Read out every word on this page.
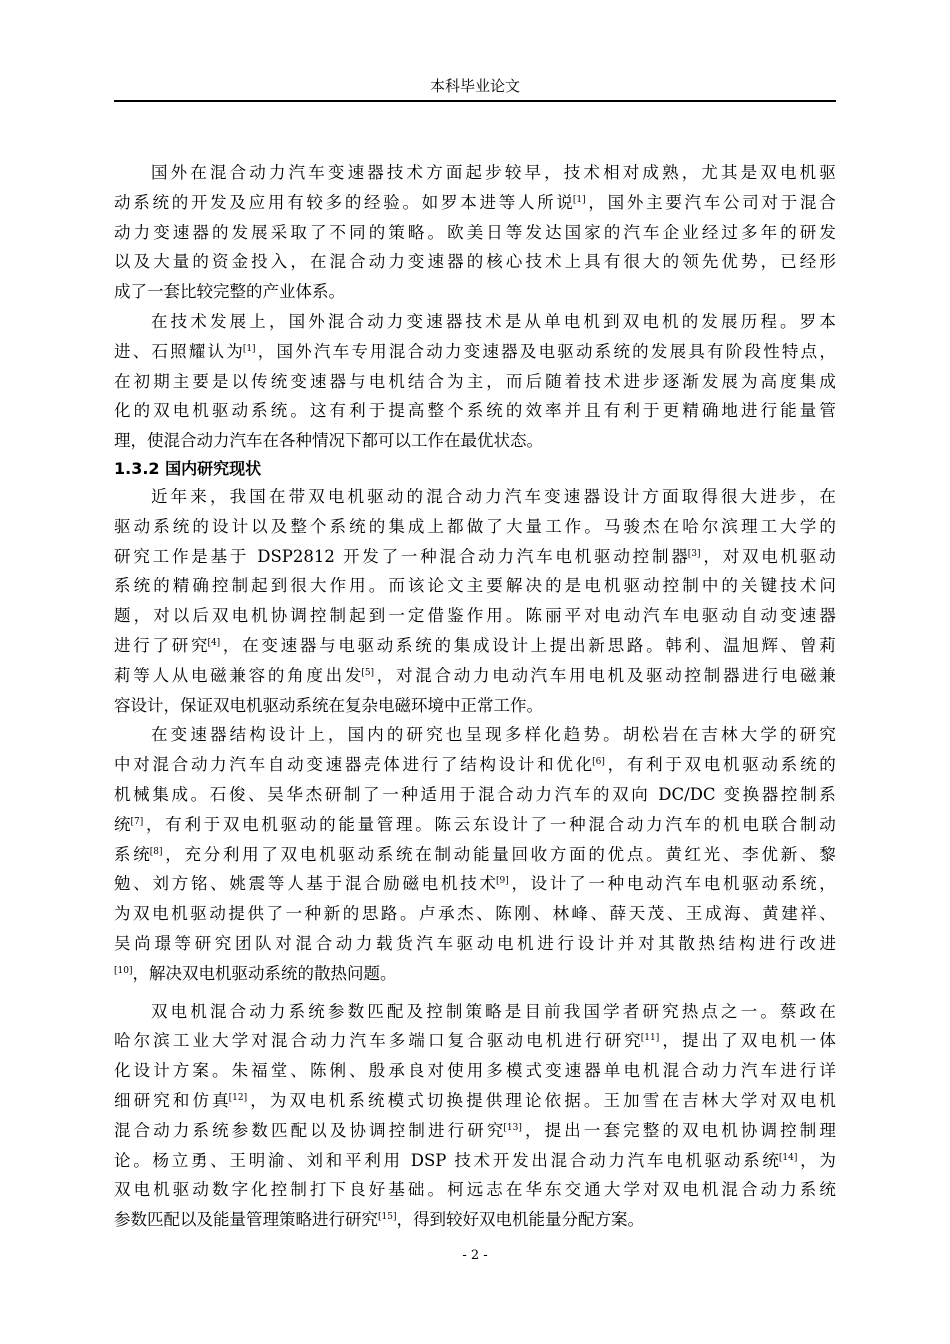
本科毕业论文
国 外 在 混 合 动 力 汽 车 变 速 器 技 术 方 面 起 步 较 早 ， 技 术 相 对 成 熟 ， 尤 其 是 双 电 机 驱
动 系 统 的 开 发 及 应 用 有 较 多 的 经 验 。 如 罗 本 进 等 人 所 说[1] ， 国 外 主 要 汽 车 公 司 对 于 混 合
动 力 变 速 器 的 发 展 采 取 了 不 同 的 策 略 。 欧 美 日 等 发 达 国 家 的 汽 车 企 业 经 过 多 年 的 研 发
以 及 大 量 的 资 金 投 入 ， 在 混 合 动 力 变 速 器 的 核 心 技 术 上 具 有 很 大 的 领 先 优 势 ， 已 经 形
成 了 一 套 比 较 完 整 的 产 业 体 系 。
在 技 术 发 展 上 ， 国 外 混 合 动 力 变 速 器 技 术 是 从 单 电 机 到 双 电 机 的 发 展 历 程 。 罗 本
进 、 石 照 耀 认 为[1] ， 国 外 汽 车 专 用 混 合 动 力 变 速 器 及 电 驱 动 系 统 的 发 展 具 有 阶 段 性 特 点 ，
在 初 期 主 要 是 以 传 统 变 速 器 与 电 机 结 合 为 主 ， 而 后 随 着 技 术 进 步 逐 渐 发 展 为 高 度 集 成
化 的 双 电 机 驱 动 系 统 。 这 有 利 于 提 高 整 个 系 统 的 效 率 并 且 有 利 于 更 精 确 地 进 行 能 量 管
理 ， 使 混 合 动 力 汽 车 在 各 种 情 况 下 都 可 以 工 作 在 最 优 状 态 。
1.3.2 国内研究现状
近 年 来 ， 我 国 在 带 双 电 机 驱 动 的 混 合 动 力 汽 车 变 速 器 设 计 方 面 取 得 很 大 进 步 ， 在
驱 动 系 统 的 设 计 以 及 整 个 系 统 的 集 成 上 都 做 了 大 量 工 作 。 马 骏 杰 在 哈 尔 滨 理 工 大 学 的
研 究 工 作 是 基 于
DSP2812 开 发 了 一 种 混 合 动 力 汽 车 电 机 驱 动 控 制 器[3] ， 对 双 电 机 驱 动
系 统 的 精 确 控 制 起 到 很 大 作 用 。 而 该 论 文 主 要 解 决 的 是 电 机 驱 动 控 制 中 的 关 键 技 术 问
题 ， 对 以 后 双 电 机 协 调 控 制 起 到 一 定 借 鉴 作 用 。 陈 丽 平 对 电 动 汽 车 电 驱 动 自 动 变 速 器
进 行 了 研 究[4] ， 在 变 速 器 与 电 驱 动 系 统 的 集 成 设 计 上 提 出 新 思 路 。 韩 利 、 温 旭 辉 、 曾 莉
莉 等 人 从 电 磁 兼 容 的 角 度 出 发[5] ， 对 混 合 动 力 电 动 汽 车 用 电 机 及 驱 动 控 制 器 进 行 电 磁 兼
容 设 计 ， 保 证 双 电 机 驱 动 系 统 在 复 杂 电 磁 环 境 中 正 常 工 作 。
在 变 速 器 结 构 设 计 上 ， 国 内 的 研 究 也 呈 现 多 样 化 趋 势 。 胡 松 岩 在 吉 林 大 学 的 研 究
中 对 混 合 动 力 汽 车 自 动 变 速 器 壳 体 进 行 了 结 构 设 计 和 优 化[6] ， 有 利 于 双 电 机 驱 动 系 统 的
机 械 集 成 。 石 俊 、 吴 华 杰 研 制 了 一 种 适 用 于 混 合 动 力 汽 车 的 双 向
DC/DC 变 换 器 控 制 系
统[7] ， 有 利 于 双 电 机 驱 动 的 能 量 管 理 。 陈 云 东 设 计 了 一 种 混 合 动 力 汽 车 的 机 电 联 合 制 动
系 统[8] ， 充 分 利 用 了 双 电 机 驱 动 系 统 在 制 动 能 量 回 收 方 面 的 优 点 。 黄 红 光 、 李 优 新 、 黎
勉 、 刘 方 铭 、 姚 震 等 人 基 于 混 合 励 磁 电 机 技 术[9] ， 设 计 了 一 种 电 动 汽 车 电 机 驱 动 系 统 ，
为 双 电 机 驱 动 提 供 了 一 种 新 的 思 路 。 卢 承 杰 、 陈 刚 、 林 峰 、 薛 天 茂 、 王 成 海 、 黄 建 祥 、
吴 尚 璟 等 研 究 团 队 对 混 合 动 力 载 货 汽 车 驱 动 电 机 进 行 设 计 并 对 其 散 热 结 构 进 行 改 进
[10] ， 解 决 双 电 机 驱 动 系 统 的 散 热 问 题 。
双 电 机 混 合 动 力 系 统 参 数 匹 配 及 控 制 策 略 是 目 前 我 国 学 者 研 究 热 点 之 一 。 蔡 政 在
哈 尔 滨 工 业 大 学 对 混 合 动 力 汽 车 多 端 口 复 合 驱 动 电 机 进 行 研 究[11] ， 提 出 了 双 电 机 一 体
化 设 计 方 案 。 朱 福 堂 、 陈 俐 、 殷 承 良 对 使 用 多 模 式 变 速 器 单 电 机 混 合 动 力 汽 车 进 行 详
细 研 究 和 仿 真[12] ， 为 双 电 机 系 统 模 式 切 换 提 供 理 论 依 据 。 王 加 雪 在 吉 林 大 学 对 双 电 机
混 合 动 力 系 统 参 数 匹 配 以 及 协 调 控 制 进 行 研 究[13] ， 提 出 一 套 完 整 的 双 电 机 协 调 控 制 理
论 。 杨 立 勇 、 王 明 渝 、 刘 和 平 利 用
DSP 技 术 开 发 出 混 合 动 力 汽 车 电 机 驱 动 系 统[14] ， 为
双 电 机 驱 动 数 字 化 控 制 打 下 良 好 基 础 。 柯 远 志 在 华 东 交 通 大 学 对 双 电 机 混 合 动 力 系 统
参 数 匹 配 以 及 能 量 管 理 策 略 进 行 研 究[15] ， 得 到 较 好 双 电 机 能 量 分 配 方 案 。
- 2 -
